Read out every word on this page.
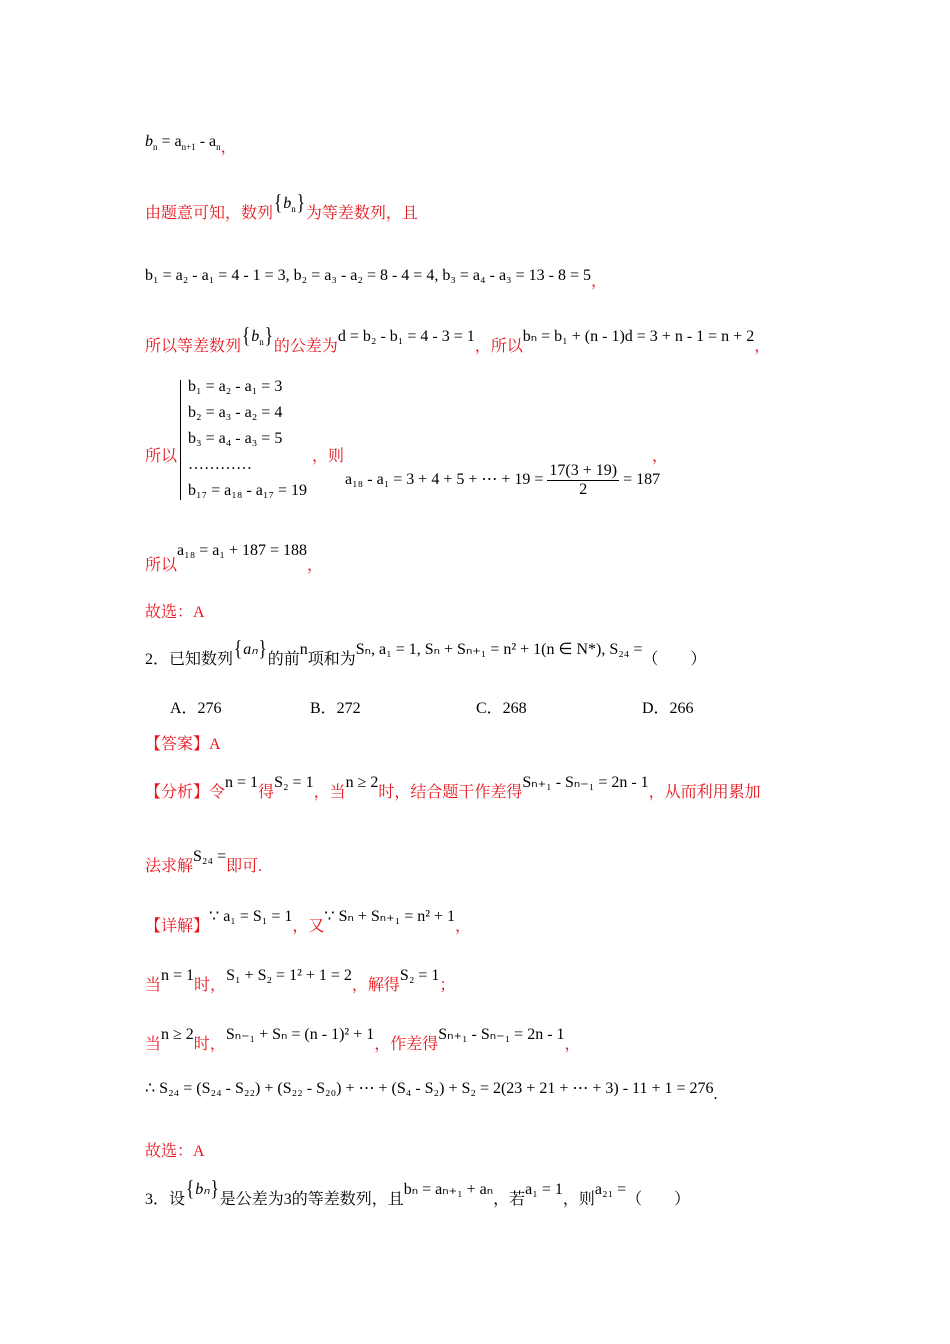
$b_n = a_{n+1} - a_n$，
由题意可知，数列$\{b_n\}$为等差数列，且
b₁ = a₂ - a₁ = 4 - 1 = 3, b₂ = a₃ - a₂ = 8 - 4 = 4, b₃ = a₄ - a₃ = 13 - 8 = 5，
所以等差数列$\{b_n\}$的公差为d = b₂ - b₁ = 4 - 3 = 1，所以bₙ = b₁ + (n - 1)d = 3 + n - 1 = n + 2，
所以
b₁ = a₂ - a₁ = 3
b₂ = a₃ - a₂ = 4
b₃ = a₄ - a₃ = 5
…………
b₁₇ = a₁₈ - a₁₇ = 19
，则
a₁₈ - a₁ = 3 + 4 + 5 + ⋯ + $19 = \frac{17(3 + 19)}{2} = 187$
，
所以a₁₈ = a₁ + 187 = 188，
故选：A
2．已知数列{aₙ}的前n项和为Sₙ, a₁ = 1, Sₙ + Sₙ₊₁ = n² + 1(n ∈ N*), S₂₄ =（　　）
A．276	B．272	C．268	D．266
【答案】A
【分析】令n = 1得S₂ = 1，当n ≥ 2时，结合题干作差得Sₙ₊₁ - Sₙ₋₁ = 2n - 1，从而利用累加
法求解S₂₄ =即可.
【详解】∵ a₁ = S₁ = 1，又∵ Sₙ + Sₙ₊₁ = n² + 1，
当n = 1时，S₁ + S₂ = 1² + 1 = 2，解得S₂ = 1；
当n ≥ 2时，Sₙ₋₁ + Sₙ = (n - 1)² + 1，作差得Sₙ₊₁ - Sₙ₋₁ = 2n - 1，
∴ S₂₄ = (S₂₄ - S₂₂) + (S₂₂ - S₂₀) + ⋯ + (S₄ - S₂) + S₂ = 2(23 + 21 + ⋯ + 3) - 11 + 1 = 276.
故选：A
3．设{bₙ}是公差为3的等差数列，且bₙ = aₙ₊₁ + aₙ，若a₁ = 1，则a₂₁ =（　　）
